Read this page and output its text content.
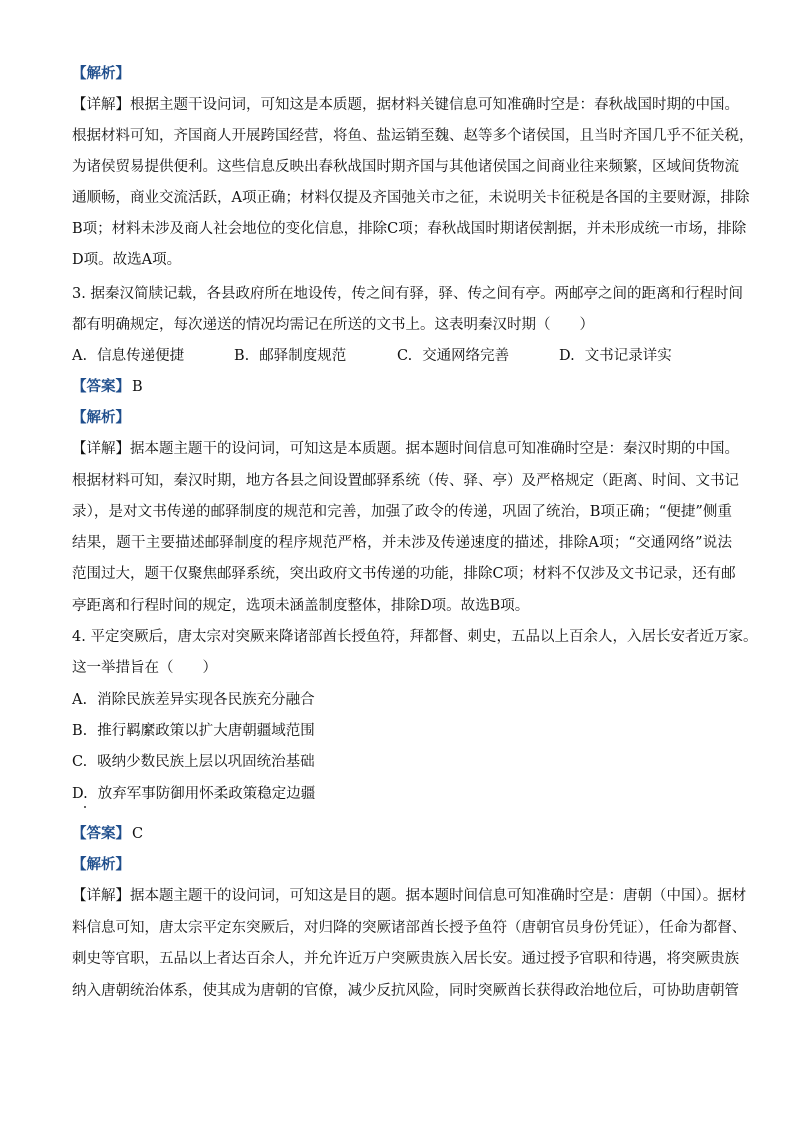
【解析】
【详解】根据主题干设问词，可知这是本质题，据材料关键信息可知准确时空是：春秋战国时期的中国。
根据材料可知，齐国商人开展跨国经营，将鱼、盐运销至魏、赵等多个诸侯国，且当时齐国几乎不征关税，
为诸侯贸易提供便利。这些信息反映出春秋战国时期齐国与其他诸侯国之间商业往来频繁，区域间货物流
通顺畅，商业交流活跃，A项正确；材料仅提及齐国弛关市之征，未说明关卡征税是各国的主要财源，排除
B项；材料未涉及商人社会地位的变化信息，排除C项；春秋战国时期诸侯割据，并未形成统一市场，排除
D项。故选A项。
3. 据秦汉简牍记载，各县政府所在地设传，传之间有驿，驿、传之间有亭。两邮亭之间的距离和行程时间
都有明确规定，每次递送的情况均需记在所送的文书上。这表明秦汉时期（　　）
A. 信息传递便捷	B. 邮驿制度规范	C. 交通网络完善	D. 文书记录详实
【答案】 B
【解析】
【详解】据本题主题干的设问词，可知这是本质题。据本题时间信息可知准确时空是：秦汉时期的中国。
根据材料可知，秦汉时期，地方各县之间设置邮驿系统（传、驿、亭）及严格规定（距离、时间、文书记
录），是对文书传递的邮驿制度的规范和完善，加强了政令的传递，巩固了统治，B项正确；“便捷”侧重
结果，题干主要描述邮驿制度的程序规范严格，并未涉及传递速度的描述，排除A项；“交通网络”说法
范围过大，题干仅聚焦邮驿系统，突出政府文书传递的功能，排除C项；材料不仅涉及文书记录，还有邮
亭距离和行程时间的规定，选项未涵盖制度整体，排除D项。故选B项。
4. 平定突厥后，唐太宗对突厥来降诸部酋长授鱼符，拜都督、刺史，五品以上百余人，入居长安者近万家。
这一举措旨在（　　）
A. 消除民族差异实现各民族充分融合
B. 推行羁縻政策以扩大唐朝疆域范围
C. 吸纳少数民族上层以巩固统治基础
D. 放弃军事防御用怀柔政策稳定边疆
【答案】 C
【解析】
【详解】据本题主题干的设问词，可知这是目的题。据本题时间信息可知准确时空是：唐朝（中国）。据材
料信息可知，唐太宗平定东突厥后，对归降的突厥诸部酋长授予鱼符（唐朝官员身份凭证），任命为都督、
刺史等官职，五品以上者达百余人，并允许近万户突厥贵族入居长安。通过授予官职和待遇，将突厥贵族
纳入唐朝统治体系，使其成为唐朝的官僚，减少反抗风险，同时突厥酋长获得政治地位后，可协助唐朝管
